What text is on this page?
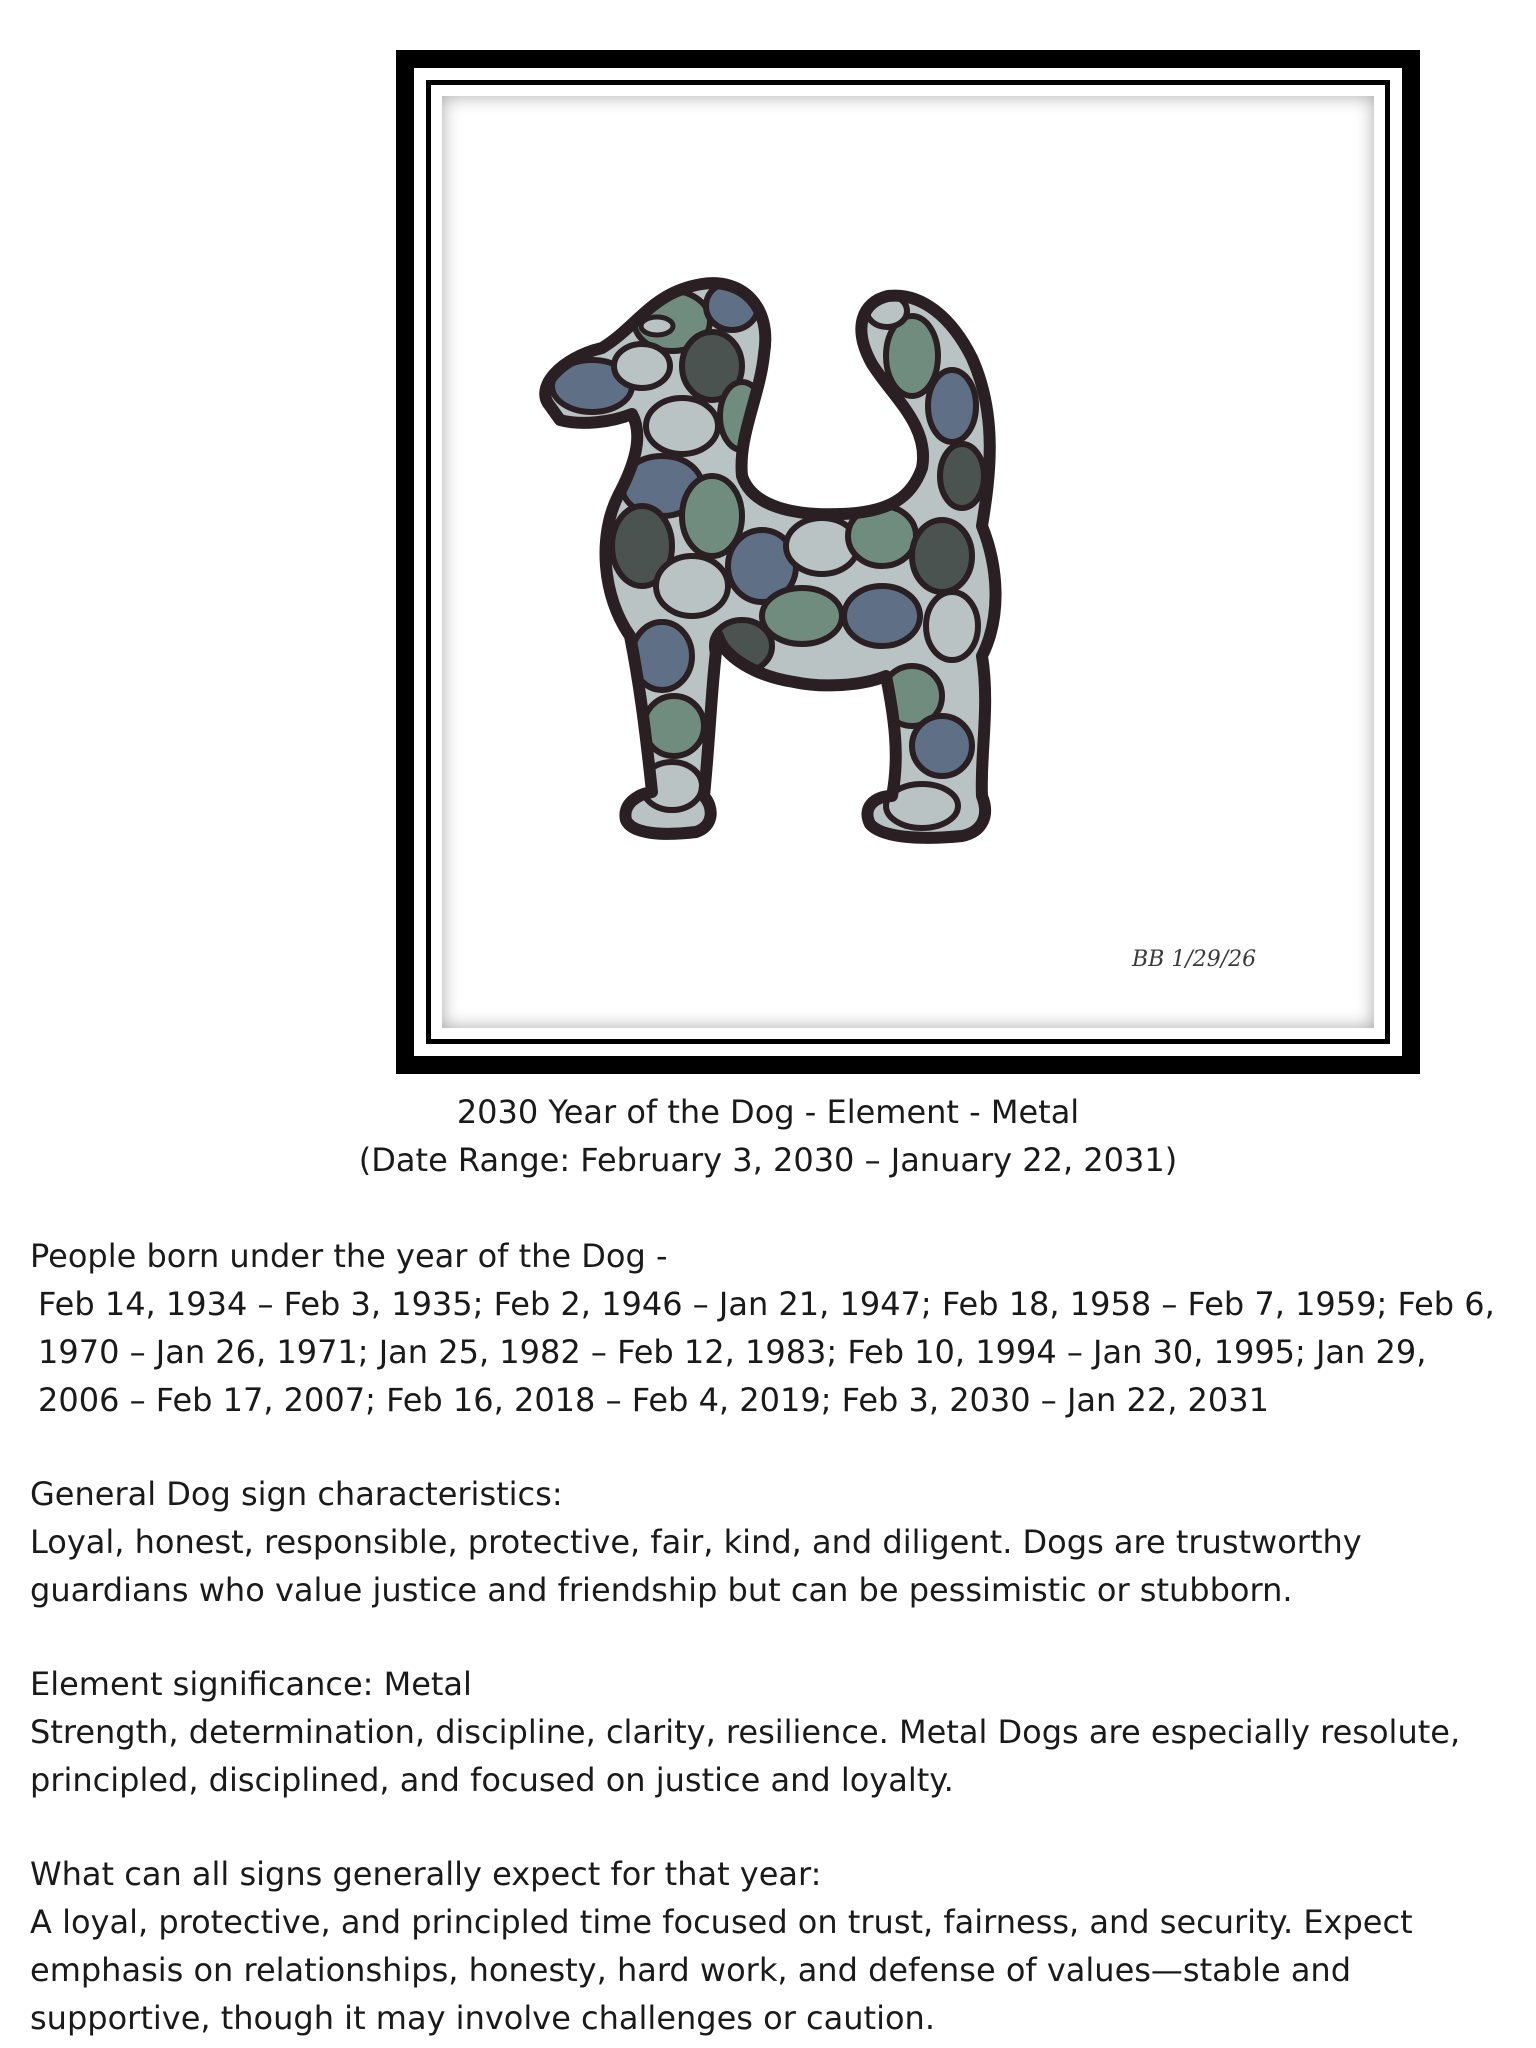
BB 1/29/26
2030 Year of the Dog - Element - Metal
(Date Range: February 3, 2030 – January 22, 2031)

People born under the year of the Dog -

Feb 14, 1934 – Feb 3, 1935; Feb 2, 1946 – Jan 21, 1947; Feb 18, 1958 – Feb 7, 1959; Feb 6, 1970 – Jan 26, 1971; Jan 25, 1982 – Feb 12, 1983; Feb 10, 1994 – Jan 30, 1995; Jan 29, 2006 – Feb 17, 2007; Feb 16, 2018 – Feb 4, 2019; Feb 3, 2030 – Jan 22, 2031

General Dog sign characteristics:

Loyal, honest, responsible, protective, fair, kind, and diligent. Dogs are trustworthy guardians who value justice and friendship but can be pessimistic or stubborn.

Element significance: Metal

Strength, determination, discipline, clarity, resilience. Metal Dogs are especially resolute, principled, disciplined, and focused on justice and loyalty.

What can all signs generally expect for that year:

A loyal, protective, and principled time focused on trust, fairness, and security. Expect emphasis on relationships, honesty, hard work, and defense of values—stable and supportive, though it may involve challenges or caution.
